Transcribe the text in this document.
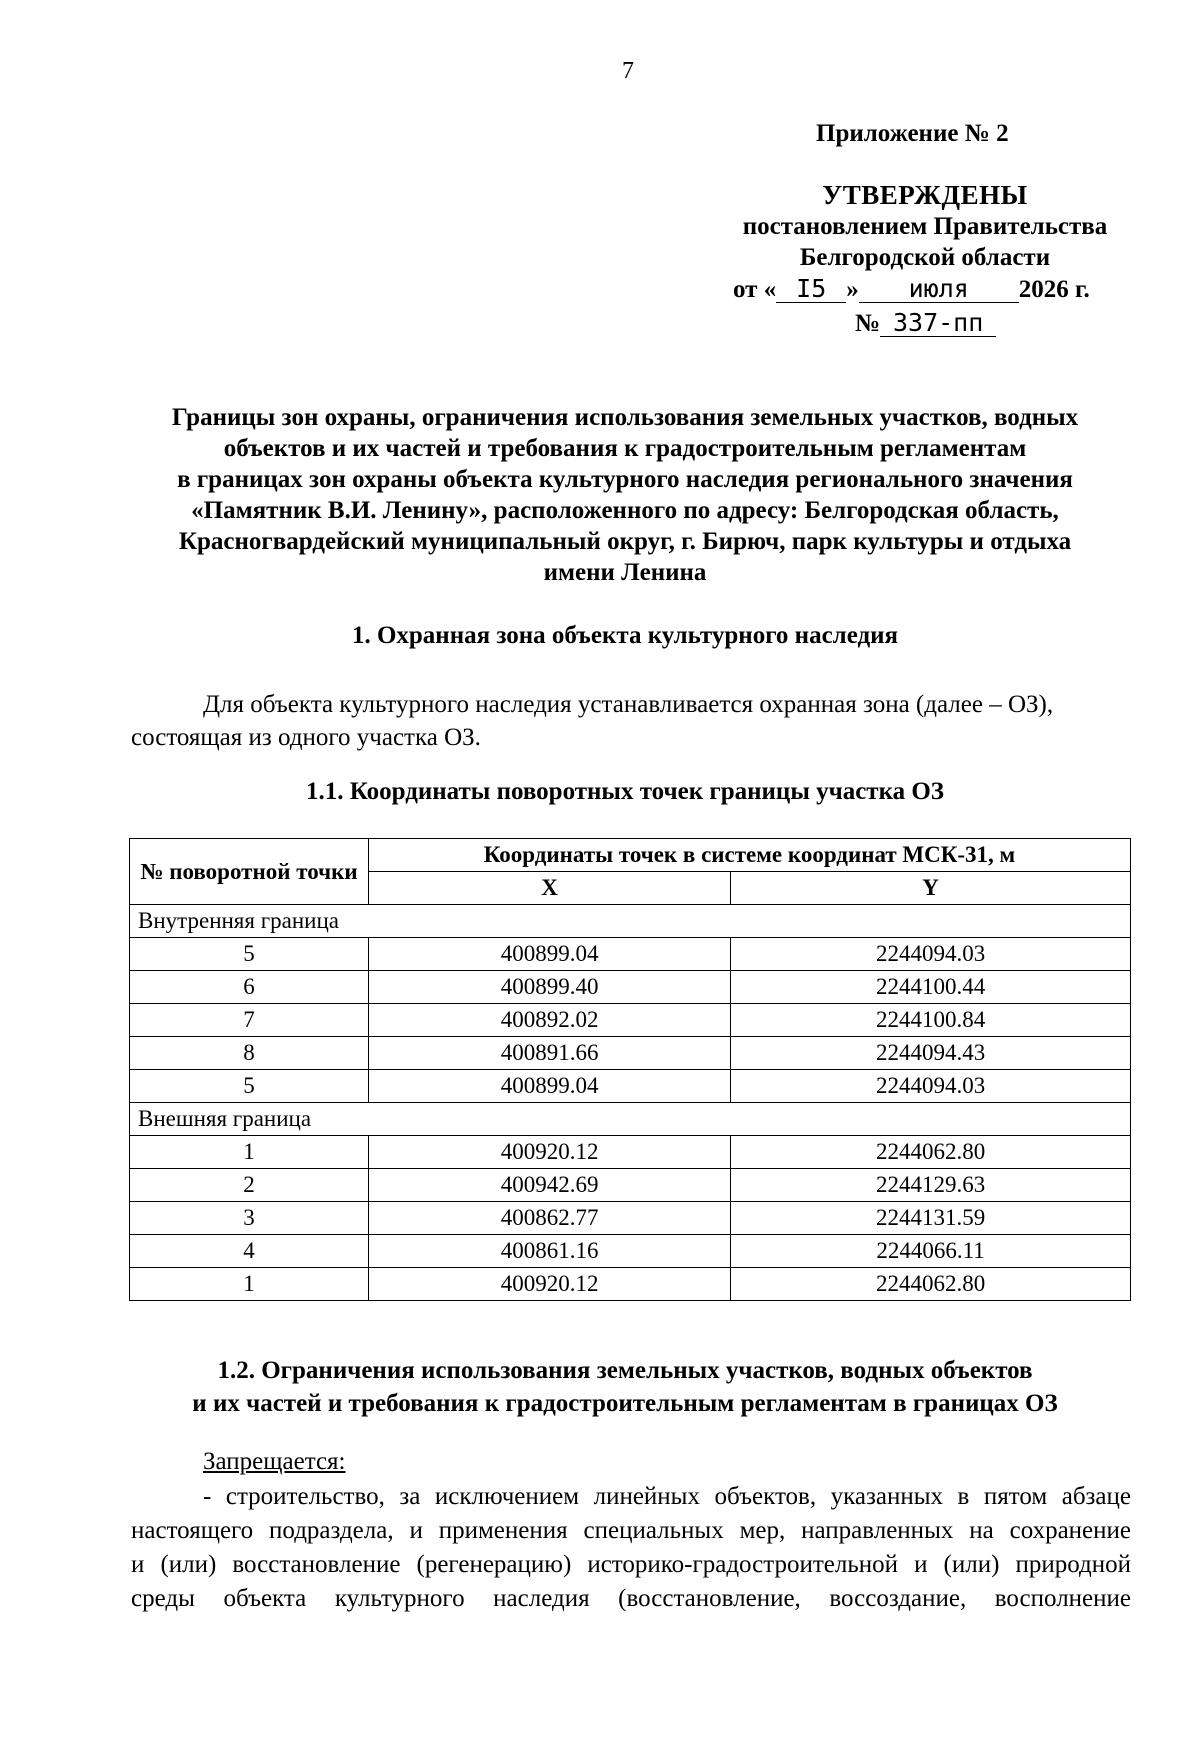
7
Приложение № 2
УТВЕРЖДЕНЫ
постановлением Правительства
Белгородской области
от « I5 » июля 2026 г.
№ 337-пп
Границы зон охраны, ограничения использования земельных участков, водных
объектов и их частей и требования к градостроительным регламентам
в границах зон охраны объекта культурного наследия регионального значения
«Памятник В.И. Ленину», расположенного по адресу: Белгородская область,
Красногвардейский муниципальный округ, г. Бирюч, парк культуры и отдыха
имени Ленина
1. Охранная зона объекта культурного наследия
Для объекта культурного наследия устанавливается охранная зона (далее – ОЗ),
состоящая из одного участка ОЗ.
1.1. Координаты поворотных точек границы участка ОЗ
№ поворотной точки	Координаты точек в системе координат МСК-31, м	
	X	Y
Внутренняя граница		
5	400899.04	2244094.03
6	400899.40	2244100.44
7	400892.02	2244100.84
8	400891.66	2244094.43
5	400899.04	2244094.03
Внешняя граница		
1	400920.12	2244062.80
2	400942.69	2244129.63
3	400862.77	2244131.59
4	400861.16	2244066.11
1	400920.12	2244062.80
1.2. Ограничения использования земельных участков, водных объектов
и их частей и требования к градостроительным регламентам в границах ОЗ
Запрещается:
- строительство, за исключением линейных объектов, указанных в пятом абзаце
настоящего подраздела, и применения специальных мер, направленных на сохранение
и (или) восстановление (регенерацию) историко-градостроительной и (или) природной
среды объекта культурного наследия (восстановление, воссоздание, восполнение
